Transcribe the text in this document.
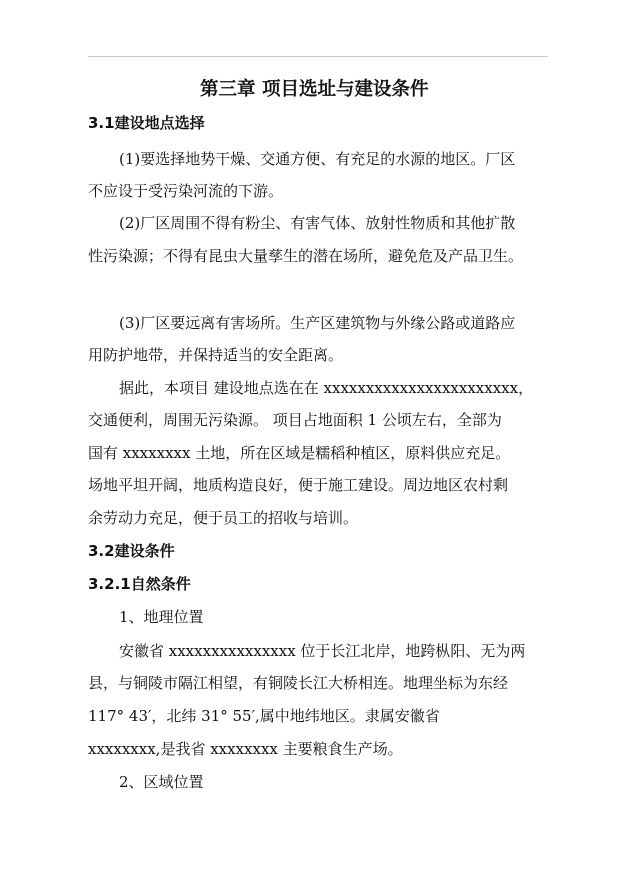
第三章 项目选址与建设条件
3.1建设地点选择
(1)要选择地势干燥、交通方便、有充足的水源的地区。厂区
不应设于受污染河流的下游。
(2)厂区周围不得有粉尘、有害气体、放射性物质和其他扩散
性污染源；不得有昆虫大量孳生的潜在场所，避免危及产品卫生。
(3)厂区要远离有害场所。生产区建筑物与外缘公路或道路应
用防护地带，并保持适当的安全距离。
据此，本项目 建设地点选在在 xxxxxxxxxxxxxxxxxxxxxxx，
交通便利，周围无污染源。 项目占地面积 1 公顷左右，全部为
国有 xxxxxxxx 土地，所在区域是糯稻种植区，原料供应充足。
场地平坦开阔，地质构造良好，便于施工建设。周边地区农村剩
余劳动力充足，便于员工的招收与培训。
3.2建设条件
3.2.1自然条件
1、地理位置
安徽省 xxxxxxxxxxxxxxx 位于长江北岸，地跨枞阳、无为两
县，与铜陵市隔江相望，有铜陵长江大桥相连。地理坐标为东经
117° 43′，北纬 31° 55′,属中地纬地区。隶属安徽省
xxxxxxxx,是我省 xxxxxxxx 主要粮食生产场。
2、区域位置
